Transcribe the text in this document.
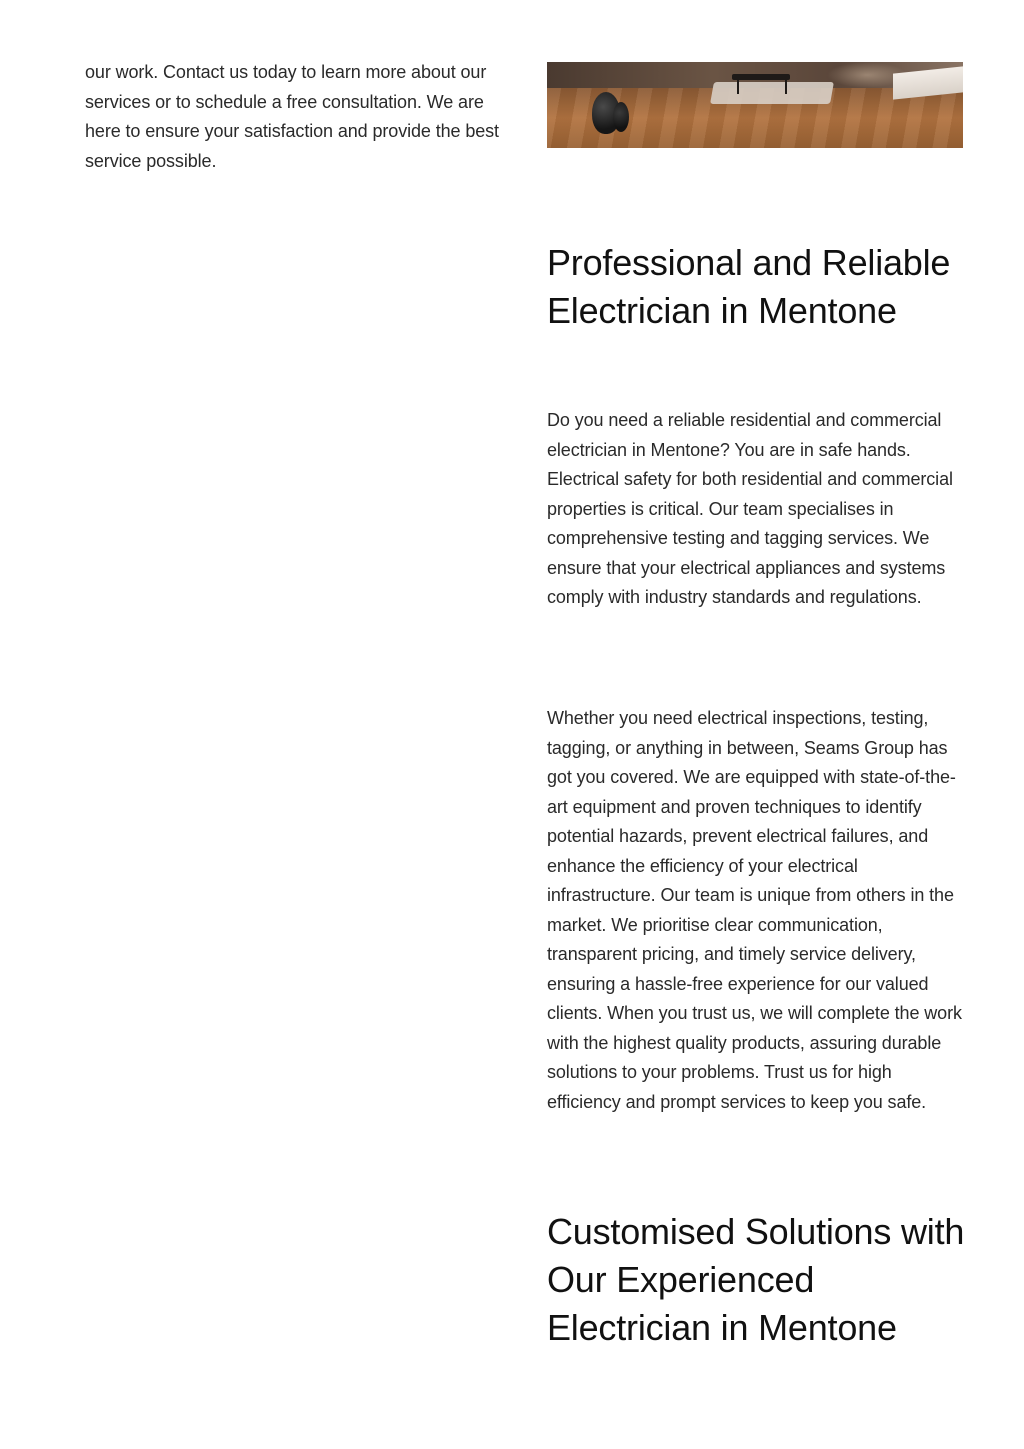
our work. Contact us today to learn more about our services or to schedule a free consultation. We are here to ensure your satisfaction and provide the best service possible.

Professional and Reliable Electrician in Mentone

Do you need a reliable residential and commercial electrician in Mentone? You are in safe hands. Electrical safety for both residential and commercial properties is critical. Our team specialises in comprehensive testing and tagging services. We ensure that your electrical appliances and systems comply with industry standards and regulations.

Whether you need electrical inspections, testing, tagging, or anything in between, Seams Group has got you covered. We are equipped with state-of-the-art equipment and proven techniques to identify potential hazards, prevent electrical failures, and enhance the efficiency of your electrical infrastructure. Our team is unique from others in the market. We prioritise clear communication, transparent pricing, and timely service delivery, ensuring a hassle-free experience for our valued clients. When you trust us, we will complete the work with the highest quality products, assuring durable solutions to your problems. Trust us for high efficiency and prompt services to keep you safe.

Customised Solutions with Our Experienced Electrician in Mentone
